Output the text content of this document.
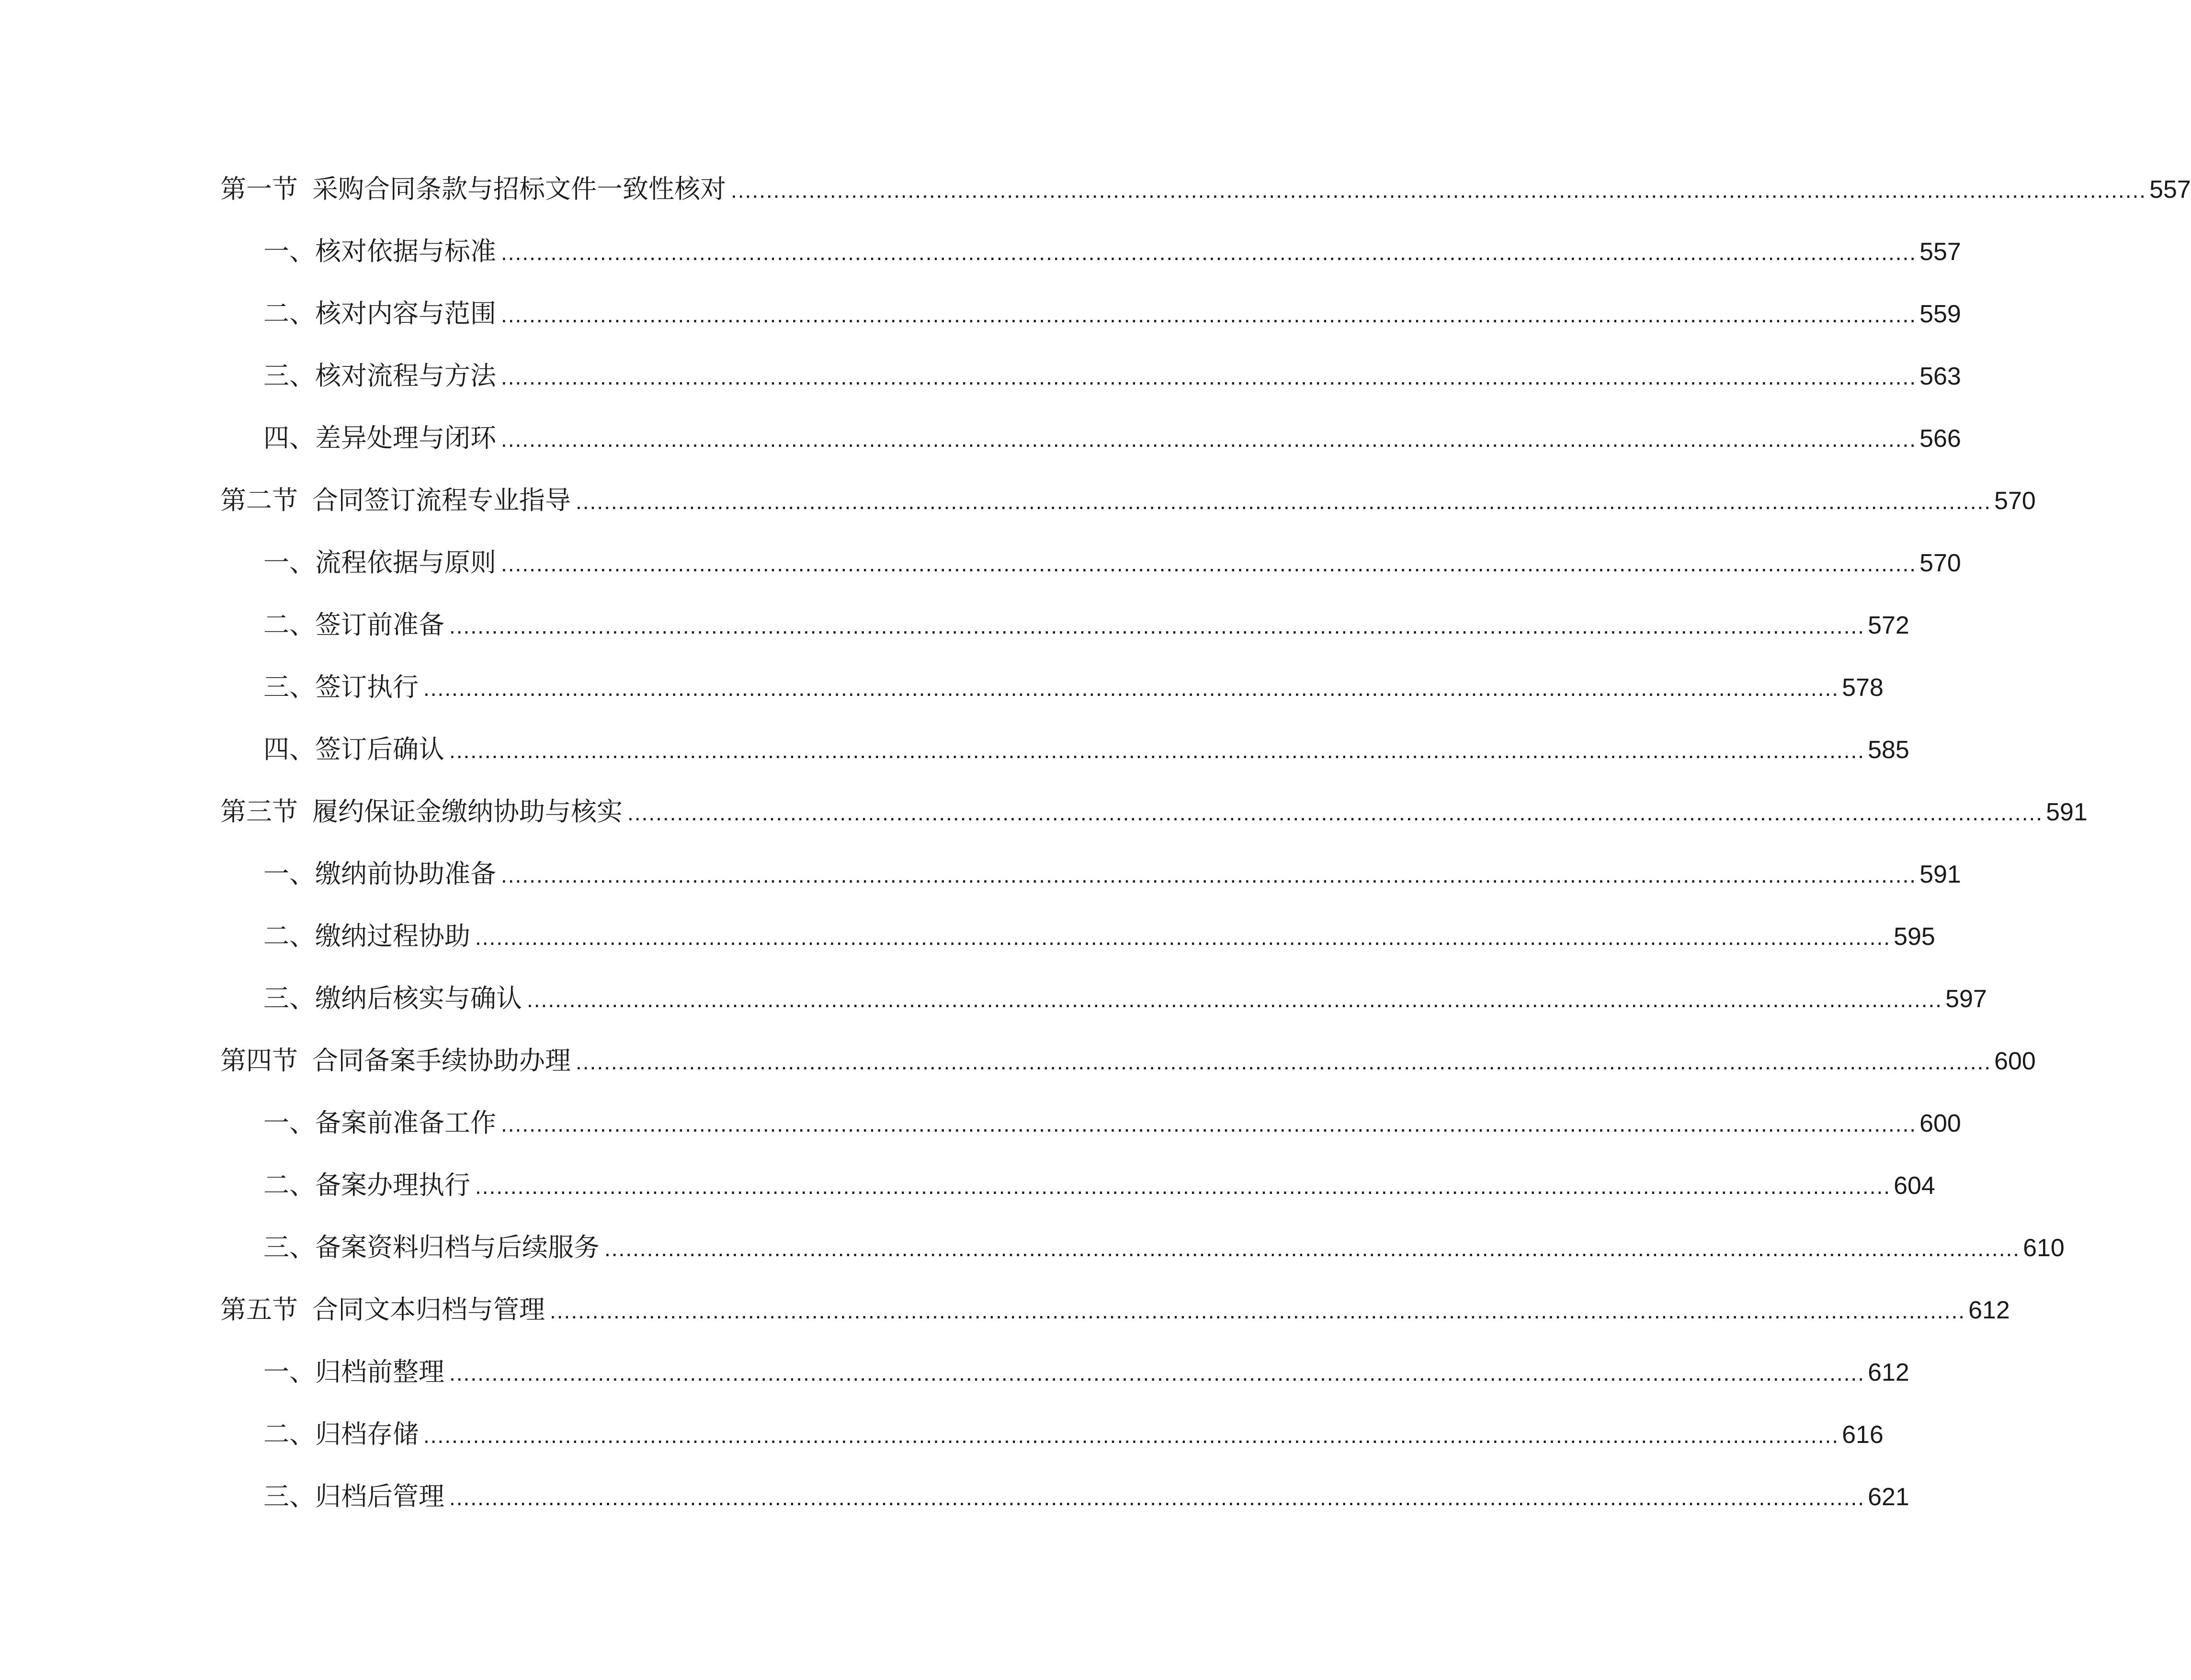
第一节 采购合同条款与招标文件一致性核对 ........................................................................................................................................................................................................ 557
一、核对依据与标准 ........................................................................................................................................................................................................ 557
二、核对内容与范围 ........................................................................................................................................................................................................ 559
三、核对流程与方法 ........................................................................................................................................................................................................ 563
四、差异处理与闭环 ........................................................................................................................................................................................................ 566
第二节 合同签订流程专业指导 ........................................................................................................................................................................................................ 570
一、流程依据与原则 ........................................................................................................................................................................................................ 570
二、签订前准备 ........................................................................................................................................................................................................ 572
三、签订执行 ........................................................................................................................................................................................................ 578
四、签订后确认 ........................................................................................................................................................................................................ 585
第三节 履约保证金缴纳协助与核实 ........................................................................................................................................................................................................ 591
一、缴纳前协助准备 ........................................................................................................................................................................................................ 591
二、缴纳过程协助 ........................................................................................................................................................................................................ 595
三、缴纳后核实与确认 ........................................................................................................................................................................................................ 597
第四节 合同备案手续协助办理 ........................................................................................................................................................................................................ 600
一、备案前准备工作 ........................................................................................................................................................................................................ 600
二、备案办理执行 ........................................................................................................................................................................................................ 604
三、备案资料归档与后续服务 ........................................................................................................................................................................................................ 610
第五节 合同文本归档与管理 ........................................................................................................................................................................................................ 612
一、归档前整理 ........................................................................................................................................................................................................ 612
二、归档存储 ........................................................................................................................................................................................................ 616
三、归档后管理 ........................................................................................................................................................................................................ 621
